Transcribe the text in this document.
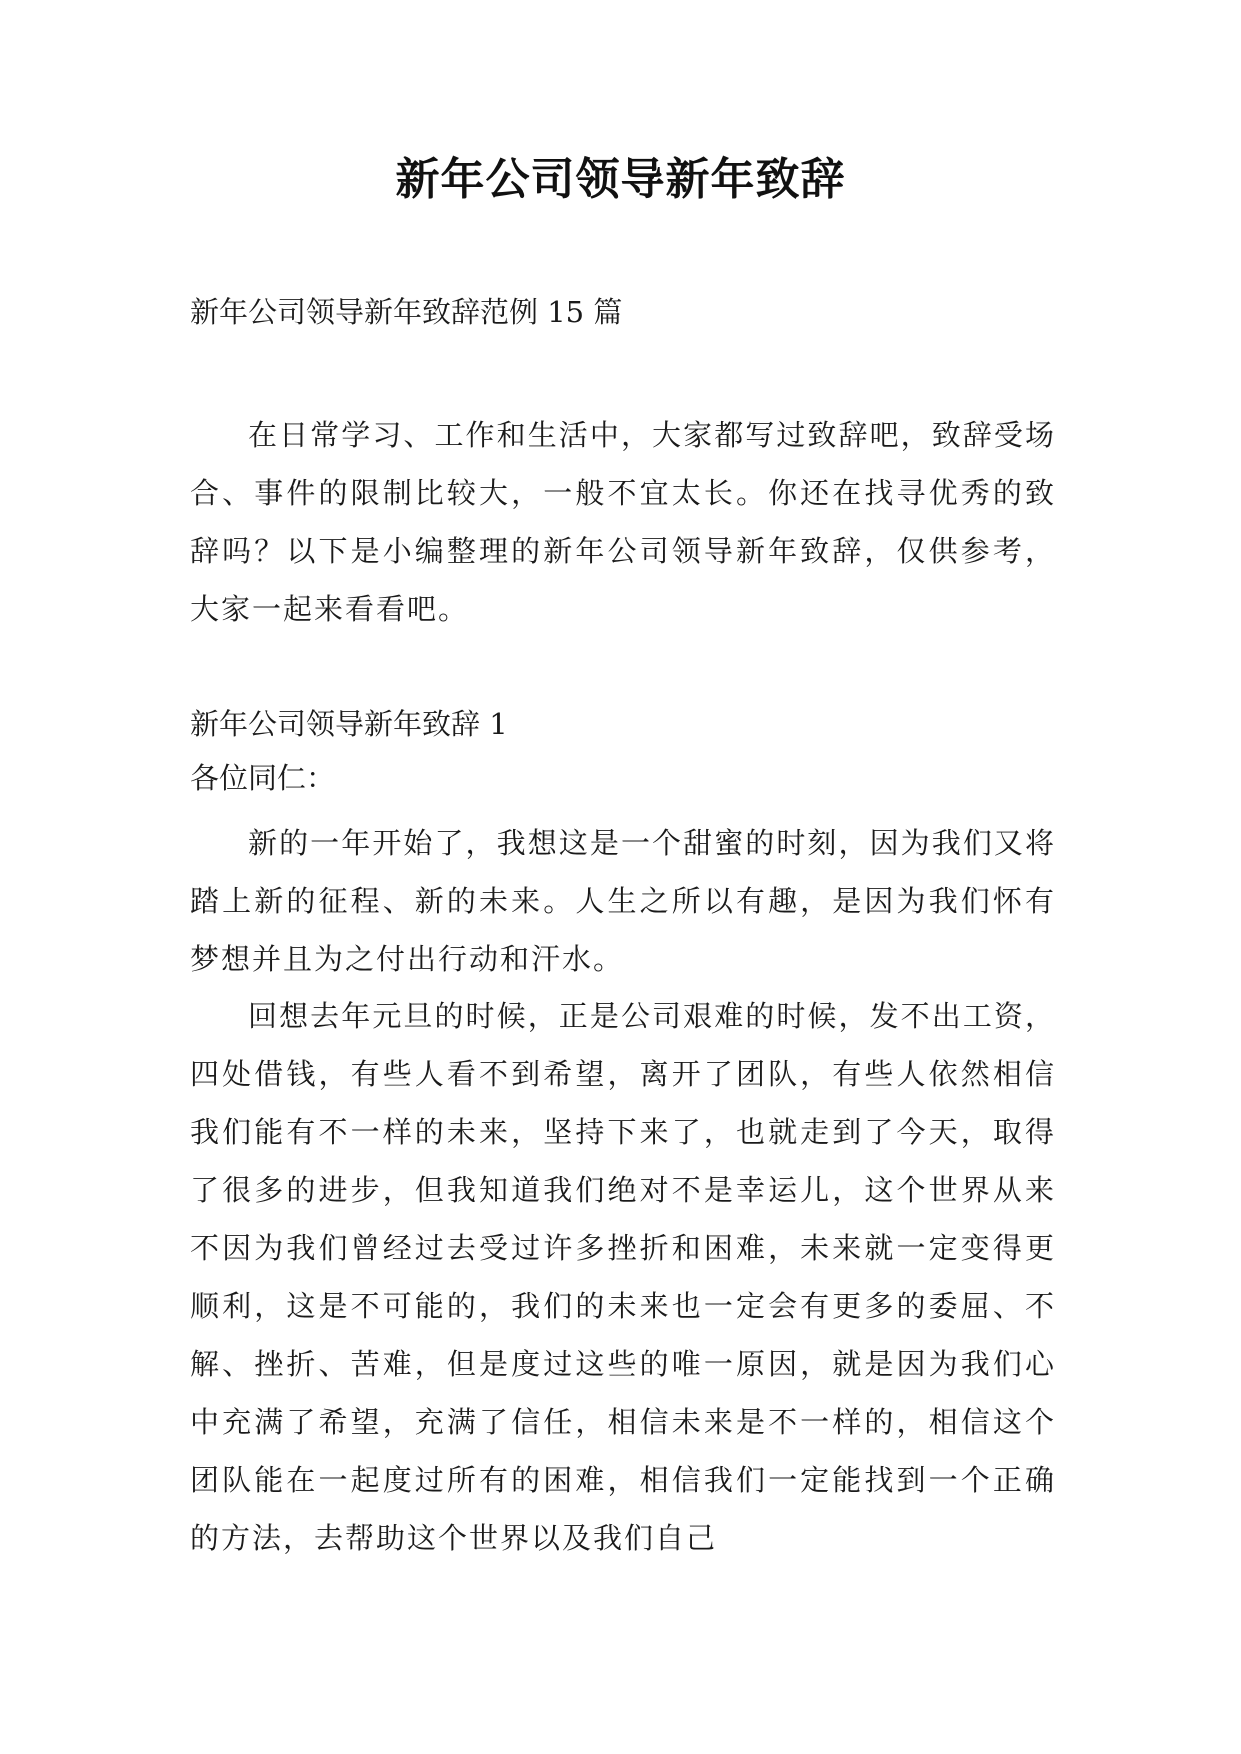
新年公司领导新年致辞
新年公司领导新年致辞范例 15 篇
在日常学习、工作和生活中，大家都写过致辞吧，致辞受场合、事件的限制比较大，一般不宜太长。你还在找寻优秀的致辞吗？以下是小编整理的新年公司领导新年致辞，仅供参考，大家一起来看看吧。
新年公司领导新年致辞 1
各位同仁：
新的一年开始了，我想这是一个甜蜜的时刻，因为我们又将踏上新的征程、新的未来。人生之所以有趣，是因为我们怀有梦想并且为之付出行动和汗水。
回想去年元旦的时候，正是公司艰难的时候，发不出工资，四处借钱，有些人看不到希望，离开了团队，有些人依然相信我们能有不一样的未来，坚持下来了，也就走到了今天，取得了很多的进步，但我知道我们绝对不是幸运儿，这个世界从来不因为我们曾经过去受过许多挫折和困难，未来就一定变得更顺利，这是不可能的，我们的未来也一定会有更多的委屈、不解、挫折、苦难，但是度过这些的唯一原因，就是因为我们心中充满了希望，充满了信任，相信未来是不一样的，相信这个团队能在一起度过所有的困难，相信我们一定能找到一个正确的方法，去帮助这个世界以及我们自己
